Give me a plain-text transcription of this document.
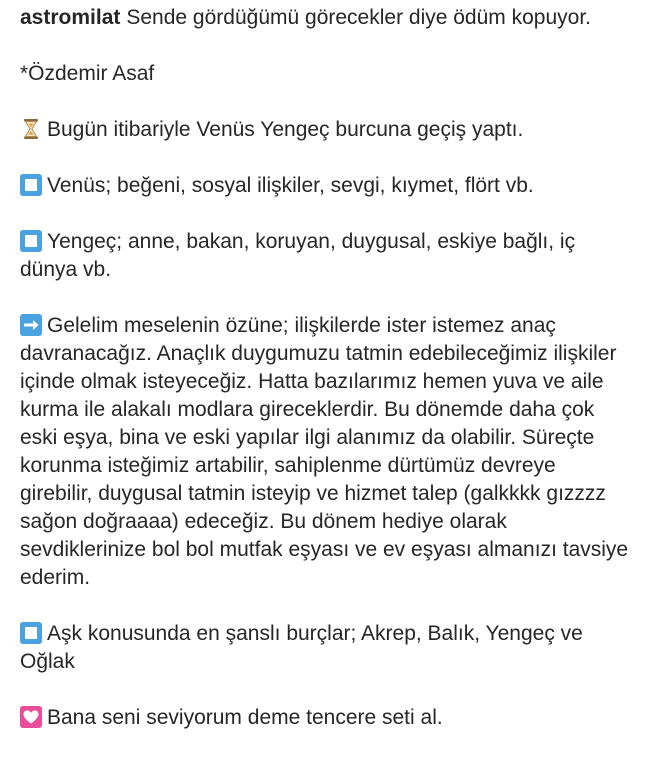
astromilat Sende gördüğümü görecekler diye ödüm kopuyor.

*Özdemir Asaf

Bugün itibariyle Venüs Yengeç burcuna geçiş yaptı.

Venüs; beğeni, sosyal ilişkiler, sevgi, kıymet, flört vb.

Yengeç; anne, bakan, koruyan, duygusal, eskiye bağlı, iç dünya vb.

Gelelim meselenin özüne; ilişkilerde ister istemez anaç davranacağız. Anaçlık duygumuzu tatmin edebileceğimiz ilişkiler içinde olmak isteyeceğiz. Hatta bazılarımız hemen yuva ve aile kurma ile alakalı modlara gireceklerdir. Bu dönemde daha çok eski eşya, bina ve eski yapılar ilgi alanımız da olabilir. Süreçte korunma isteğimiz artabilir, sahiplenme dürtümüz devreye girebilir, duygusal tatmin isteyip ve hizmet talep (galkkkk gızzzz sağon doğraaaa) edeceğiz. Bu dönem hediye olarak sevdiklerinize bol bol mutfak eşyası ve ev eşyası almanızı tavsiye ederim.

Aşk konusunda en şanslı burçlar; Akrep, Balık, Yengeç ve Oğlak

Bana seni seviyorum deme tencere seti al.
